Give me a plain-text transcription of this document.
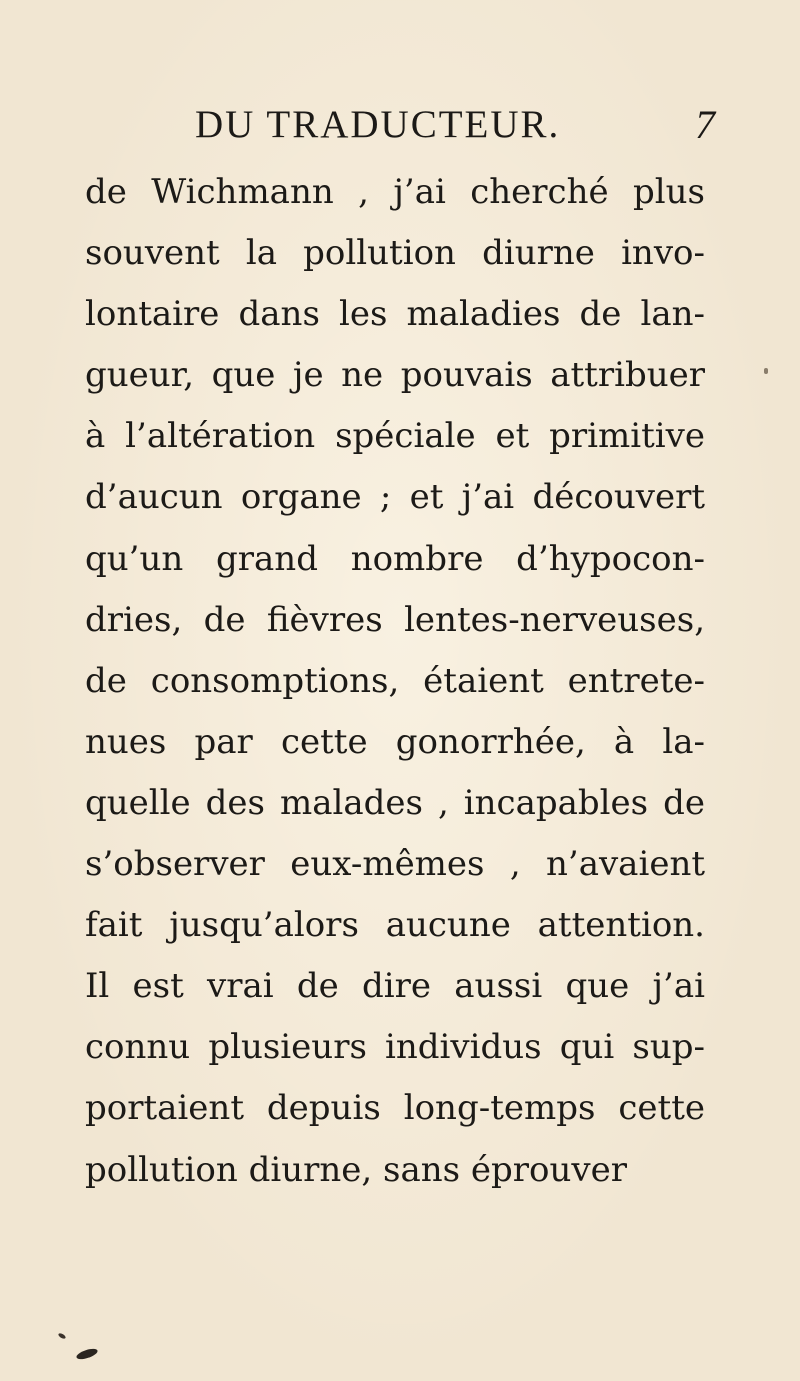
DU TRADUCTEUR.	7
de Wichmann , j’ai cherché plus
souvent la pollution diurne invo-
lontaire dans les maladies de lan-
gueur, que je ne pouvais attribuer
à l’altération spéciale et primitive
d’aucun organe ; et j’ai découvert
qu’un grand nombre d’hypocon-
dries, de fièvres lentes-nerveuses,
de consomptions, étaient entrete-
nues par cette gonorrhée, à la-
quelle des malades , incapables de
s’observer eux-mêmes , n’avaient
fait jusqu’alors aucune attention.
Il est vrai de dire aussi que j’ai
connu plusieurs individus qui sup-
portaient depuis long-temps cette
pollution diurne, sans éprouver
